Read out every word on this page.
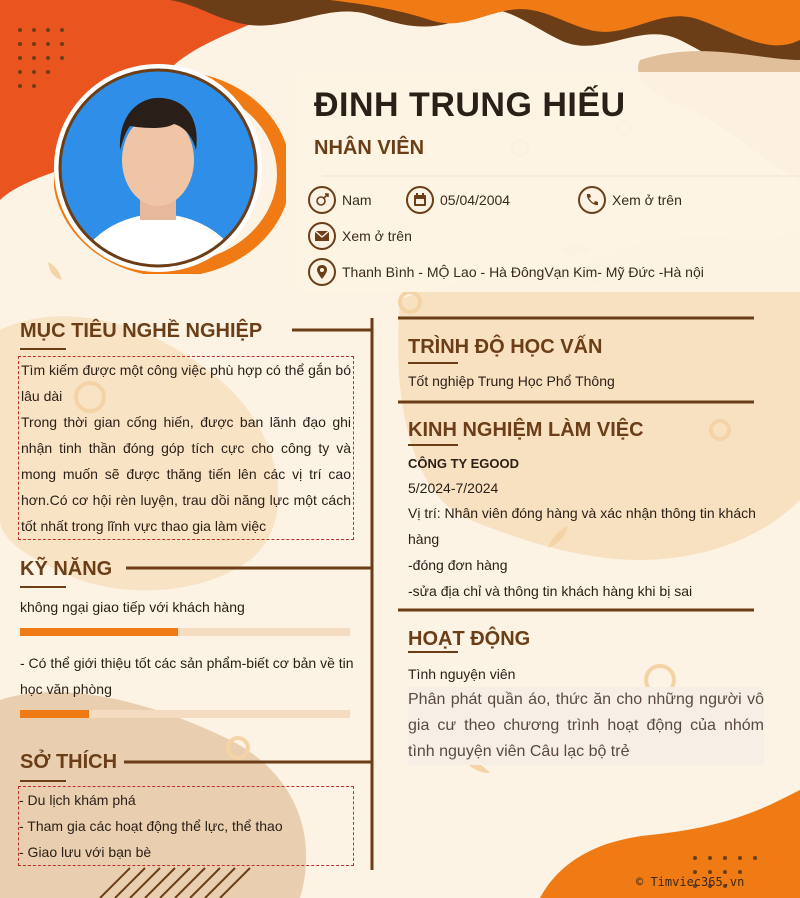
ĐINH TRUNG HIẾU
NHÂN VIÊN
Nam	05/04/2004	Xem ở trên
Xem ở trên
Thanh Bình - MỘ Lao - Hà ĐôngVạn Kim- Mỹ Đức -Hà nội
MỤC TIÊU NGHỀ NGHIỆP
Tìm kiếm được một công việc phù hợp có thể gắn bó lâu dài
Trong thời gian cống hiến, được ban lãnh đạo ghi nhận tinh thần đóng góp tích cực cho công ty và mong muốn sẽ được thăng tiến lên các vị trí cao hơn.Có cơ hội rèn luyện, trau dồi năng lực một cách tốt nhất trong lĩnh vực thao gia làm việc
KỸ NĂNG
không ngại giao tiếp với khách hàng
- Có thể giới thiệu tốt các sản phẩm-biết cơ bản về tin học văn phòng
SỞ THÍCH
- Du lịch khám phá
- Tham gia các hoạt động thể lực, thể thao
- Giao lưu với bạn bè
TRÌNH ĐỘ HỌC VẤN
Tốt nghiệp Trung Học Phổ Thông
KINH NGHIỆM LÀM VIỆC
CÔNG TY EGOOD
5/2024-7/2024
Vị trí: Nhân viên đóng hàng và xác nhận thông tin khách hàng
-đóng đơn hàng
-sửa địa chỉ và thông tin khách hàng khi bị sai
HOẠT ĐỘNG
Tình nguyện viên
Phân phát quần áo, thức ăn cho những người vô gia cư theo chương trình hoạt động của nhóm tình nguyện viên Câu lạc bộ trẻ
© Timviec365.vn
